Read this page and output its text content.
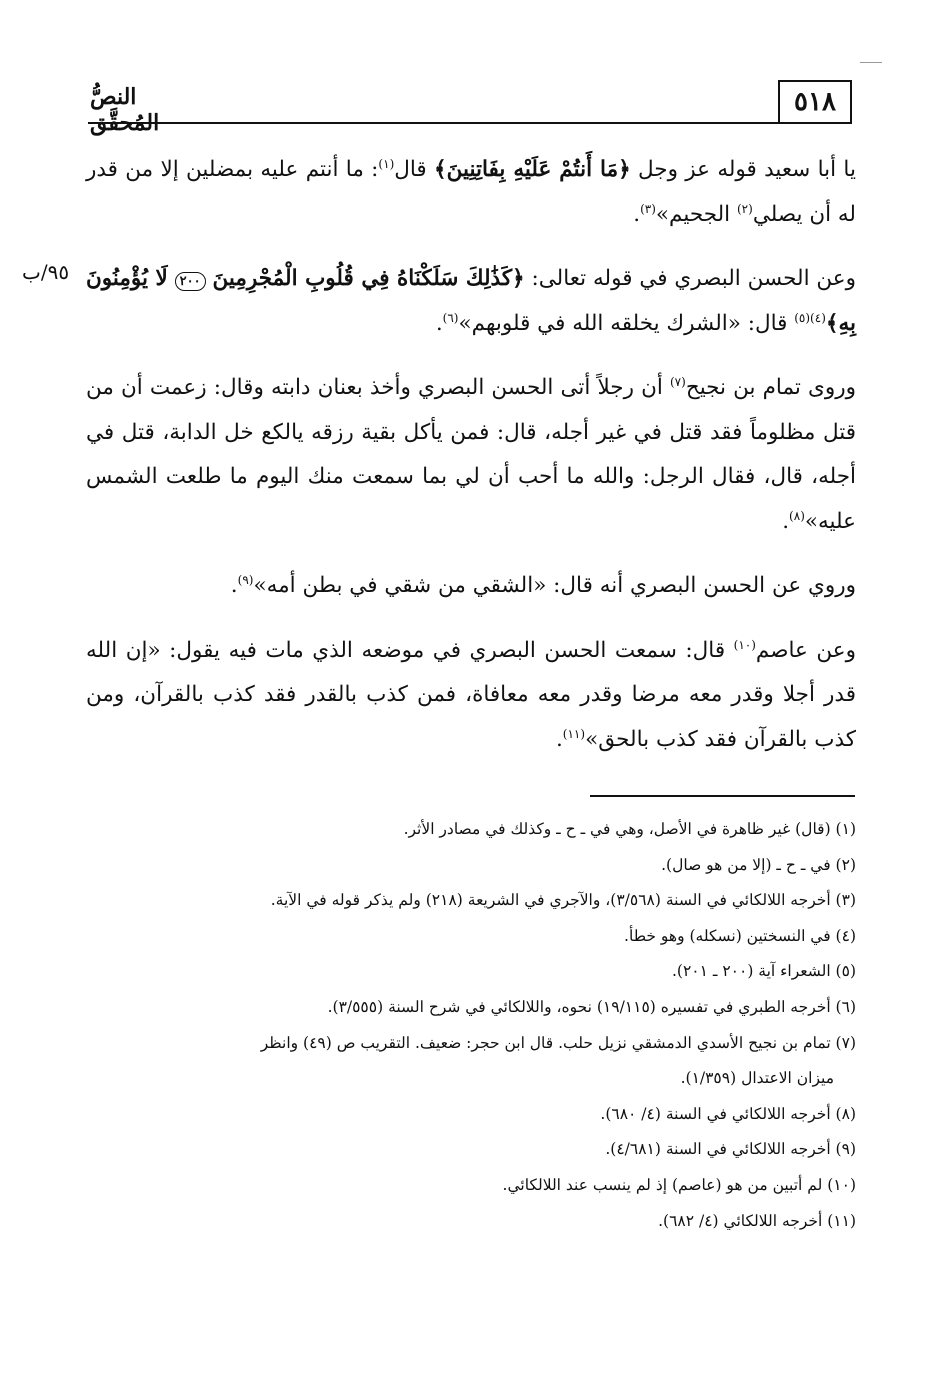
٥١٨
النصُّ المُحقَّق
٩٥/ب

يا أبا سعيد قوله عز وجل ﴿مَا أَنتُمْ عَلَيْهِ بِفَاتِنِينَ﴾ قال$^{(١)}$: ما أنتم عليه بمضلين إلا من قدر له أن يصلي$^{(٢)}$ الجحيم»$^{(٣)}$.

وعن الحسن البصري في قوله تعالى: ﴿كَذَٰلِكَ سَلَكْنَاهُ فِي قُلُوبِ الْمُجْرِمِينَ ٢٠٠ لَا يُؤْمِنُونَ بِهِ﴾$^{(٤)(٥)}$ قال: «الشرك يخلقه الله في قلوبهم»$^{(٦)}$.

وروى تمام بن نجيح$^{(٧)}$ أن رجلاً أتى الحسن البصري وأخذ بعنان دابته وقال: زعمت أن من قتل مظلوماً فقد قتل في غير أجله، قال: فمن يأكل بقية رزقه يالكع خل الدابة، قتل في أجله، قال، فقال الرجل: والله ما أحب أن لي بما سمعت منك اليوم ما طلعت الشمس عليه»$^{(٨)}$.

وروي عن الحسن البصري أنه قال: «الشقي من شقي في بطن أمه»$^{(٩)}$.

وعن عاصم$^{(١٠)}$ قال: سمعت الحسن البصري في موضعه الذي مات فيه يقول: «إن الله قدر أجلا وقدر معه مرضا وقدر معه معافاة، فمن كذب بالقدر فقد كذب بالقرآن، ومن كذب بالقرآن فقد كذب بالحق»$^{(١١)}$.

(١) (قال) غير ظاهرة في الأصل، وهي في ـ ح ـ وكذلك في مصادر الأثر.

(٢) في ـ ح ـ (إلا من هو صال).

(٣) أخرجه اللالكائي في السنة (٣/٥٦٨)، والآجري في الشريعة (٢١٨) ولم يذكر قوله في الآية.

(٤) في النسختين (نسكله) وهو خطأ.

(٥) الشعراء آية (٢٠٠ ـ ٢٠١).

(٦) أخرجه الطبري في تفسيره (١٩/١١٥) نحوه، واللالكائي في شرح السنة (٣/٥٥٥).

(٧) تمام بن نجيح الأسدي الدمشقي نزيل حلب. قال ابن حجر: ضعيف. التقريب ص (٤٩) وانظر

ميزان الاعتدال (١/٣٥٩).

(٨) أخرجه اللالكائي في السنة (٤/ ٦٨٠).

(٩) أخرجه اللالكائي في السنة (٤/٦٨١).

(١٠) لم أتبين من هو (عاصم) إذ لم ينسب عند اللالكائي.

(١١) أخرجه اللالكائي (٤/ ٦٨٢).
